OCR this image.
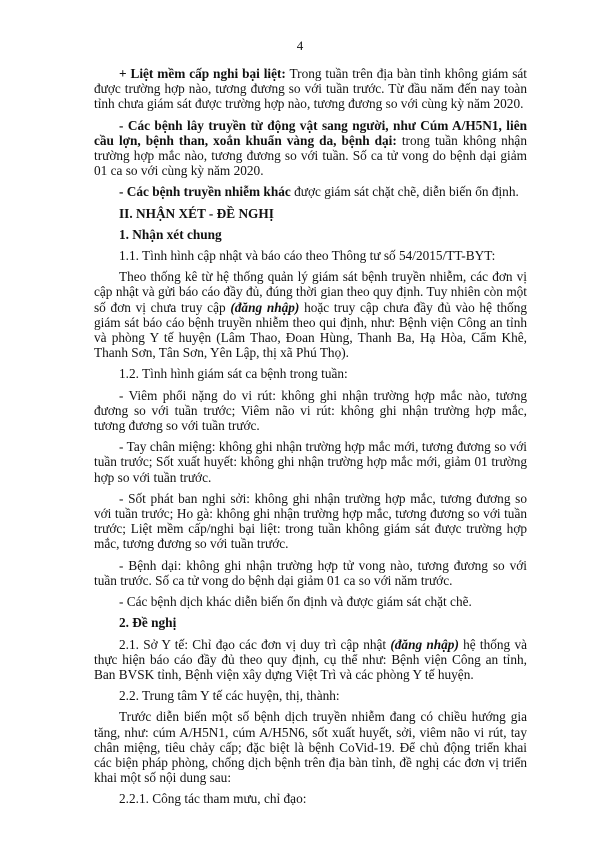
4

+ Liệt mềm cấp nghi bại liệt: Trong tuần trên địa bàn tỉnh không giám sát được trường hợp nào, tương đương so với tuần trước. Từ đầu năm đến nay toàn tỉnh chưa giám sát được trường hợp nào, tương đương so với cùng kỳ năm 2020.

- Các bệnh lây truyền từ động vật sang người, như Cúm A/H5N1, liên cầu lợn, bệnh than, xoắn khuẩn vàng da, bệnh dại: trong tuần không nhận trường hợp mắc nào, tương đương so với tuần. Số ca tử vong do bệnh dại giảm 01 ca so với cùng kỳ năm 2020.

- Các bệnh truyền nhiễm khác được giám sát chặt chẽ, diễn biến ổn định.

II. NHẬN XÉT - ĐỀ NGHỊ

1. Nhận xét chung

1.1. Tình hình cập nhật và báo cáo theo Thông tư số 54/2015/TT-BYT:

Theo thống kê từ hệ thống quản lý giám sát bệnh truyền nhiễm, các đơn vị cập nhật và gửi báo cáo đầy đủ, đúng thời gian theo quy định. Tuy nhiên còn một số đơn vị chưa truy cập (đăng nhập) hoặc truy cập chưa đầy đủ vào hệ thống giám sát báo cáo bệnh truyền nhiễm theo qui định, như: Bệnh viện Công an tỉnh và phòng Y tế huyện (Lâm Thao, Đoan Hùng, Thanh Ba, Hạ Hòa, Cẩm Khê, Thanh Sơn, Tân Sơn, Yên Lập, thị xã Phú Thọ).

1.2. Tình hình giám sát ca bệnh trong tuần:

- Viêm phổi nặng do vi rút: không ghi nhận trường hợp mắc nào, tương đương so với tuần trước; Viêm não vi rút: không ghi nhận trường hợp mắc, tương đương so với tuần trước.

- Tay chân miệng: không ghi nhận trường hợp mắc mới, tương đương so với tuần trước; Sốt xuất huyết: không ghi nhận trường hợp mắc mới, giảm 01 trường hợp so với tuần trước.

- Sốt phát ban nghi sởi: không ghi nhận trường hợp mắc, tương đương so với tuần trước; Ho gà: không ghi nhận trường hợp mắc, tương đương so với tuần trước; Liệt mềm cấp/nghi bại liệt: trong tuần không giám sát được trường hợp mắc, tương đương so với tuần trước.

- Bệnh dại: không ghi nhận trường hợp tử vong nào, tương đương so với tuần trước. Số ca tử vong do bệnh dại giảm 01 ca so với năm trước.

- Các bệnh dịch khác diễn biến ổn định và được giám sát chặt chẽ.

2. Đề nghị

2.1. Sở Y tế: Chỉ đạo các đơn vị duy trì cập nhật (đăng nhập) hệ thống và thực hiện báo cáo đầy đủ theo quy định, cụ thể như: Bệnh viện Công an tỉnh, Ban BVSK tỉnh, Bệnh viện xây dựng Việt Trì và các phòng Y tế huyện.

2.2. Trung tâm Y tế các huyện, thị, thành:

Trước diễn biến một số bệnh dịch truyền nhiễm đang có chiều hướng gia tăng, như: cúm A/H5N1, cúm A/H5N6, sốt xuất huyết, sởi, viêm não vi rút, tay chân miệng, tiêu chảy cấp; đặc biệt là bệnh CoVid-19. Để chủ động triển khai các biện pháp phòng, chống dịch bệnh trên địa bàn tỉnh, đề nghị các đơn vị triển khai một số nội dung sau:

2.2.1. Công tác tham mưu, chỉ đạo:
